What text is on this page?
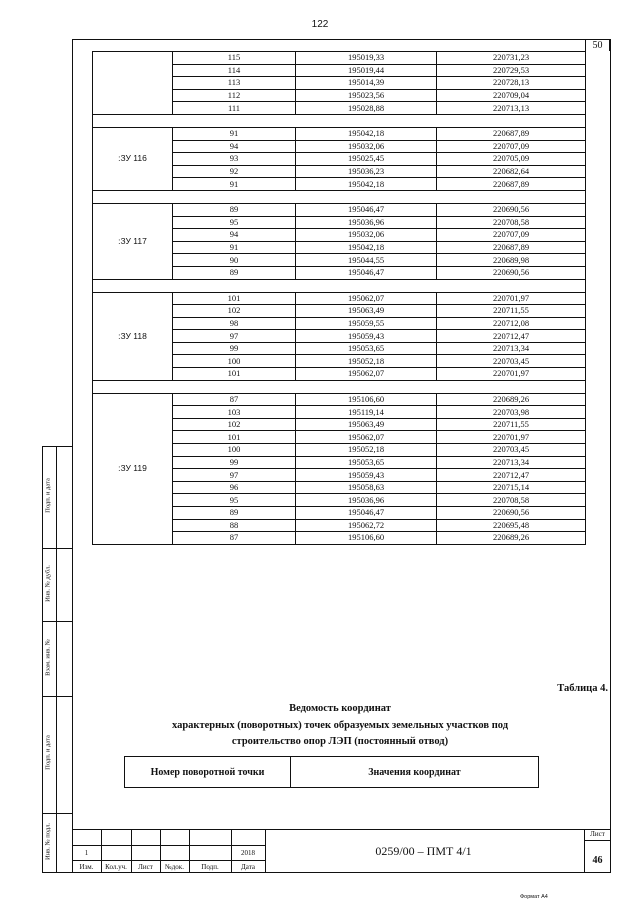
122
50
	115	195019,33	220731,23
	114	195019,44	220729,53
	113	195014,39	220728,13
	112	195023,56	220709,04
	111	195028,88	220713,13

:ЗУ 116	91	195042,18	220687,89
	94	195032,06	220707,09
	93	195025,45	220705,09
	92	195036,23	220682,64
	91	195042,18	220687,89

:ЗУ 117	89	195046,47	220690,56
	95	195036,96	220708,58
	94	195032,06	220707,09
	91	195042,18	220687,89
	90	195044,55	220689,98
	89	195046,47	220690,56

:ЗУ 118	101	195062,07	220701,97
	102	195063,49	220711,55
	98	195059,55	220712,08
	97	195059,43	220712,47
	99	195053,65	220713,34
	100	195052,18	220703,45
	101	195062,07	220701,97

:ЗУ 119	87	195106,60	220689,26
	103	195119,14	220703,98
	102	195063,49	220711,55
	101	195062,07	220701,97
	100	195052,18	220703,45
	99	195053,65	220713,34
	97	195059,43	220712,47
	96	195058,63	220715,14
	95	195036,96	220708,58
	89	195046,47	220690,56
	88	195062,72	220695,48
	87	195106,60	220689,26
Таблица 4.
Ведомость координат
характерных (поворотных) точек образуемых земельных участков под
строительство опор ЛЭП (постоянный отвод)
Номер поворотной точки	Значения координат
Подп. и дата
Инв. № дубл.
Взам. инв. №
Подп. и дата
Инв. № подл.	1	2018
Изм.	Кол.уч.	Лист	№док.	Подп.	Дата
0259/00 – ПМТ 4/1
Лист
46
Формат А4
